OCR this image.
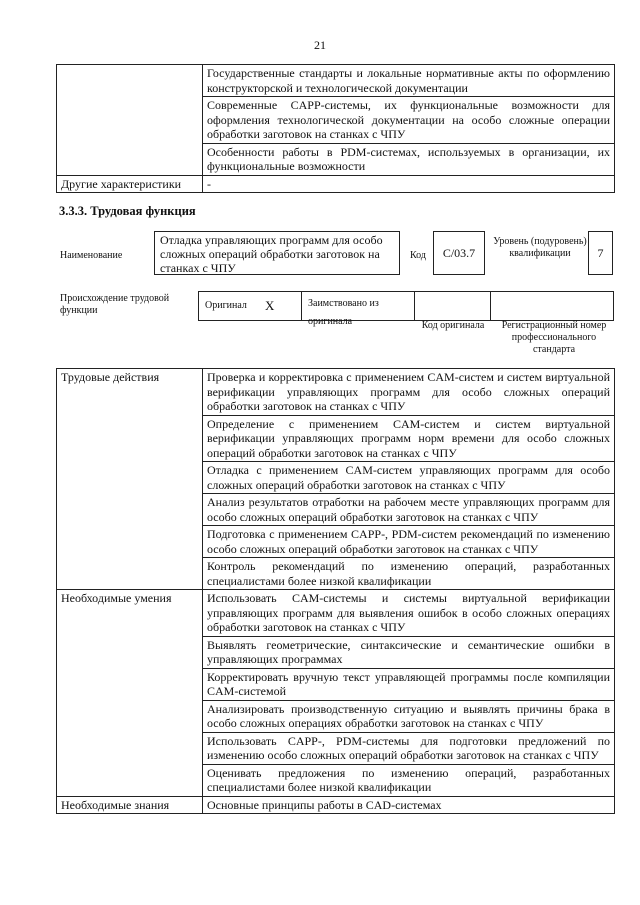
21
	Государственные стандарты и локальные нормативные акты по оформлению конструкторской и технологической документации
	Современные CAPP-системы, их функциональные возможности для оформления технологической документации на особо сложные операции обработки заготовок на станках с ЧПУ
	Особенности работы в PDM-системах, используемых в организации, их функциональные возможности
Другие характеристики	-
3.3.3. Трудовая функция
Наименование
Отладка управляющих программ для особо сложных операций обработки заготовок на станках с ЧПУ
Код	C/03.7
Уровень (подуровень) квалификации	7
Происхождение трудовой функции	Оригинал X	Заимствовано из оригинала	Код оригинала	Регистрационный номер профессионального стандарта
Трудовые действия	Проверка и корректировка с применением CAM-систем и систем виртуальной верификации управляющих программ для особо сложных операций обработки заготовок на станках с ЧПУ
	Определение с применением CAM-систем и систем виртуальной верификации управляющих программ норм времени для особо сложных операций обработки заготовок на станках с ЧПУ
	Отладка с применением CAM-систем управляющих программ для особо сложных операций обработки заготовок на станках с ЧПУ
	Анализ результатов отработки на рабочем месте управляющих программ для особо сложных операций обработки заготовок на станках с ЧПУ
	Подготовка с применением CAPP-, PDM-систем рекомендаций по изменению особо сложных операций обработки заготовок на станках с ЧПУ
	Контроль рекомендаций по изменению операций, разработанных специалистами более низкой квалификации
Необходимые умения	Использовать CAM-системы и системы виртуальной верификации управляющих программ для выявления ошибок в особо сложных операциях обработки заготовок на станках с ЧПУ
	Выявлять геометрические, синтаксические и семантические ошибки в управляющих программах
	Корректировать вручную текст управляющей программы после компиляции CAM-системой
	Анализировать производственную ситуацию и выявлять причины брака в особо сложных операциях обработки заготовок на станках с ЧПУ
	Использовать CAPP-, PDM-системы для подготовки предложений по изменению особо сложных операций обработки заготовок на станках с ЧПУ
	Оценивать предложения по изменению операций, разработанных специалистами более низкой квалификации
Необходимые знания	Основные принципы работы в CAD-системах
